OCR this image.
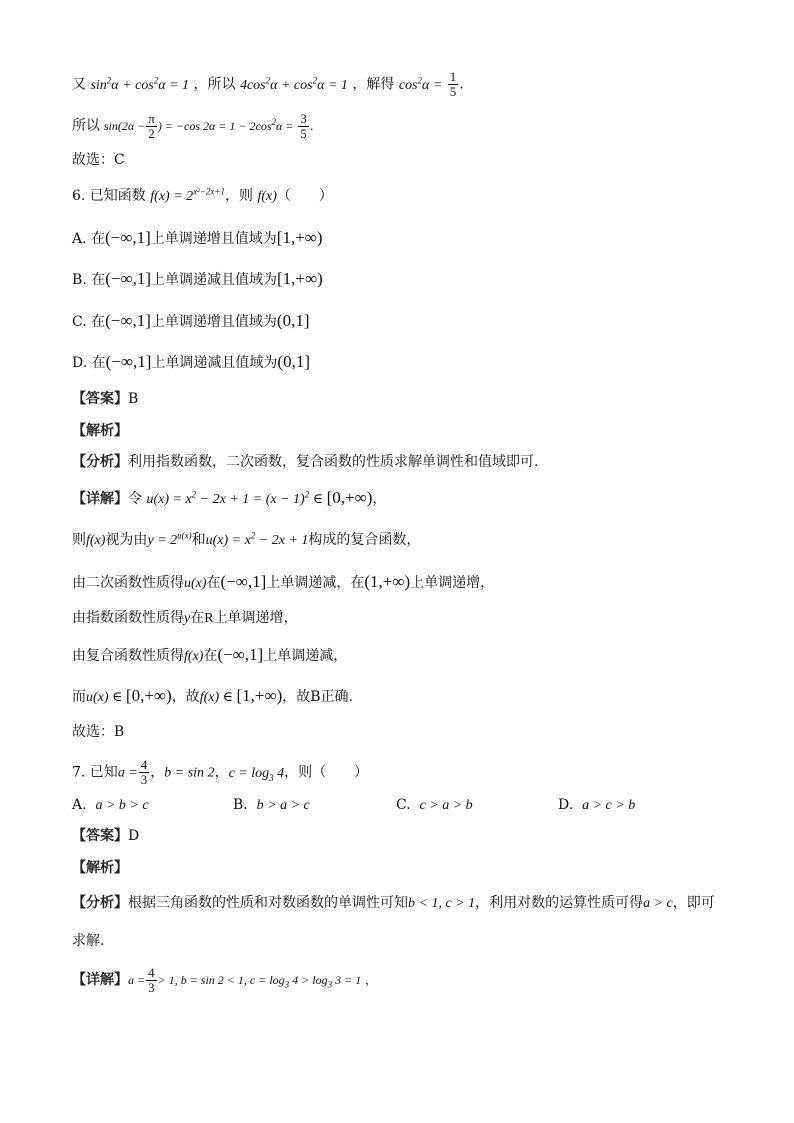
又 $\sin^2\alpha + \cos^2\alpha = 1$ ，所以 $4\cos^2\alpha + \cos^2\alpha = 1$ ，解得 $\cos^2\alpha = \frac{1}{5}$ .
所以 $\sin(2\alpha - \frac{\pi}{2}$ ) = −cos $2\alpha = 1 - 2\cos^2\alpha = \frac{3}{5}$ .
故选：C
6. 已知函数 $f(x) = 2^{x^2-2x+1}$，则 f(x)（　　）
A. 在(−∞,1]上单调递增且值域为[1,+∞)
B. 在(−∞,1]上单调递减且值域为[1,+∞)
C. 在(−∞,1]上单调递增且值域为(0,1]
D. 在(−∞,1]上单调递减且值域为(0,1]
【答案】B
【解析】
【分析】利用指数函数，二次函数，复合函数的性质求解单调性和值域即可.
【详解】令 $u(x) = x^2 - 2x + 1 = (x - 1)^2$ ∈ [0,+∞)，
则f(x)视为由$y = 2^{u(x)}$和$u(x) = x^2 - 2x + 1$构成的复合函数，
由二次函数性质得u(x)在(−∞,1]上单调递减，在(1,+∞)上单调递增，
由指数函数性质得y在R上单调递增，
由复合函数性质得f(x)在(−∞,1]上单调递减，
而u(x) ∈ [0,+∞)，故f(x) ∈ [1,+∞)，故B正确.
故选：B
7. 已知$a = \frac{4}{3}$ ，b = sin 2，$c = \log_3 4$，则（　　）
A. a > b > c	B. b > a > c	C. c > a > b	D. a > c > b
【答案】D
【解析】
【分析】根据三角函数的性质和对数函数的单调性可知b < 1, c > 1，利用对数的运算性质可得a > c，即可
求解.
【详解】$a = \frac{4}{3} > 1$, b = sin 2 < 1, $c = \log_3 4 > \log_3 3 = 1$ ，
